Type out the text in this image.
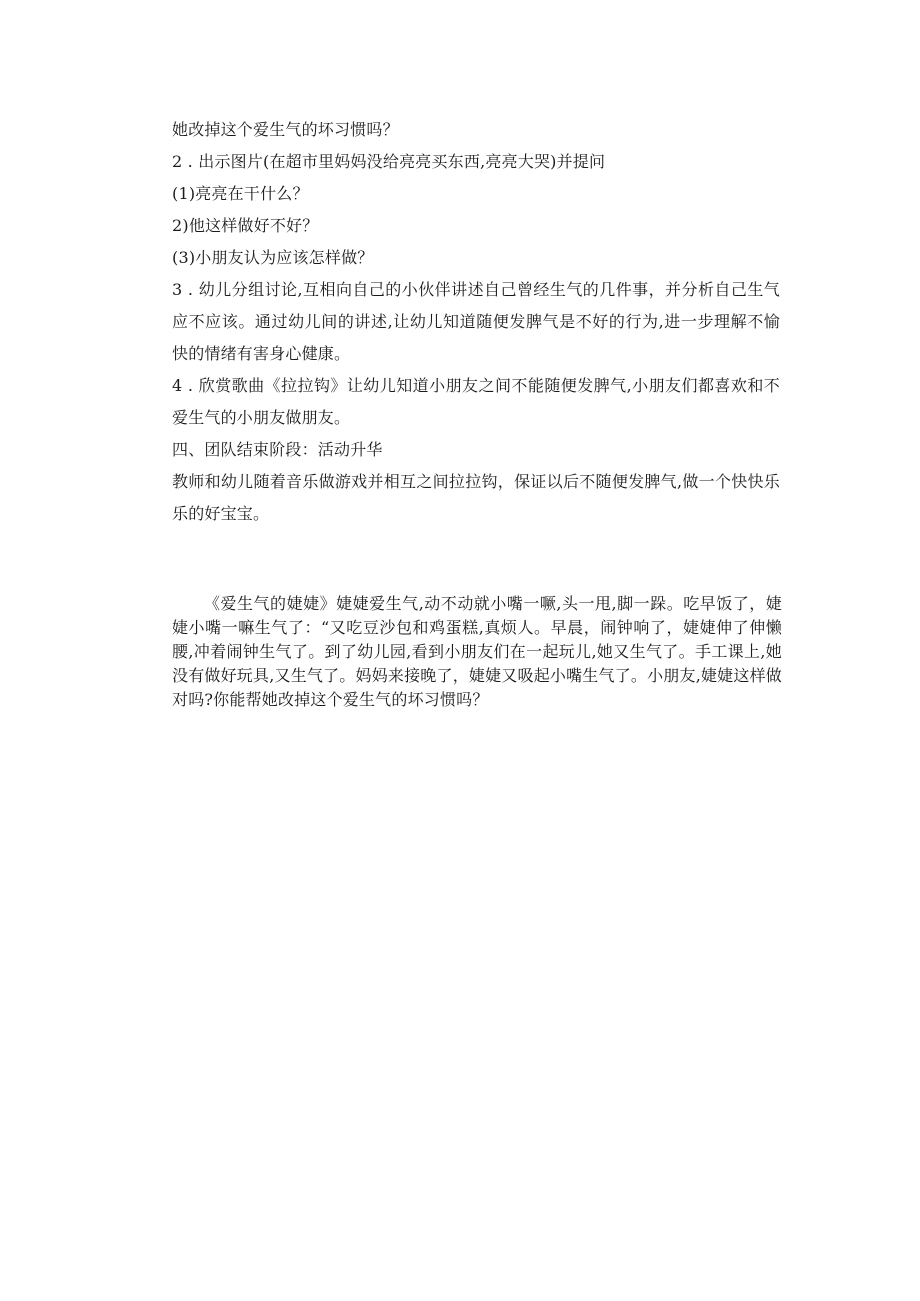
她改掉这个爱生气的坏习惯吗？
2 . 出示图片(在超市里妈妈没给亮亮买东西,亮亮大哭)并提问
(1)亮亮在干什么？
2)他这样做好不好？
(3)小朋友认为应该怎样做？
3 . 幼儿分组讨论,互相向自己的小伙伴讲述自己曾经生气的几件事，并分析自己生气应不应该。通过幼儿间的讲述,让幼儿知道随便发脾气是不好的行为,进一步理解不愉快的情绪有害身心健康。
4 . 欣赏歌曲《拉拉钩》让幼儿知道小朋友之间不能随便发脾气,小朋友们都喜欢和不爱生气的小朋友做朋友。
四、团队结束阶段：活动升华
教师和幼儿随着音乐做游戏并相互之间拉拉钩，保证以后不随便发脾气,做一个快快乐乐的好宝宝。
《爱生气的婕婕》婕婕爱生气,动不动就小嘴一噘,头一甩,脚一跺。吃早饭了，婕婕小嘴一嘛生气了：“又吃豆沙包和鸡蛋糕,真烦人。早晨，闹钟响了，婕婕伸了伸懒腰,冲着闹钟生气了。到了幼儿园,看到小朋友们在一起玩儿,她又生气了。手工课上,她没有做好玩具,又生气了。妈妈来接晚了，婕婕又吸起小嘴生气了。小朋友,婕婕这样做对吗?你能帮她改掉这个爱生气的坏习惯吗？
